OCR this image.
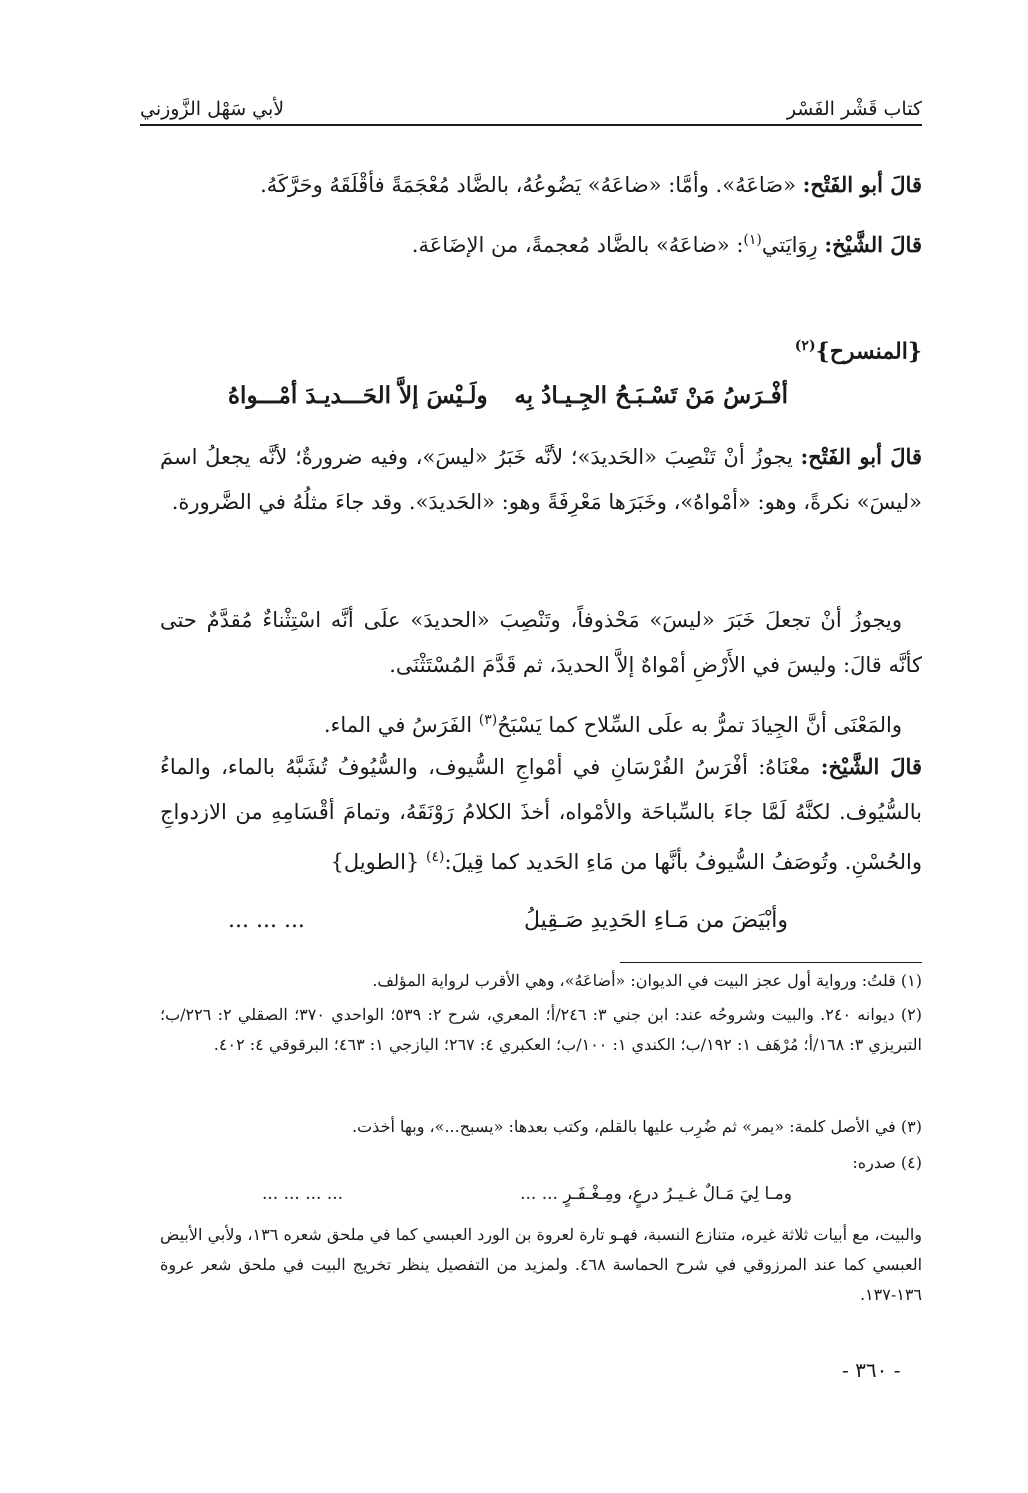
كتاب قَشْر الفَسْر
لأبي سَهْل الزَّوزني
قالَ أبو الفَتْح: «صَاعَهُ». وأمَّا: «ضاعَهُ» يَضُوعُهُ، بالضَّاد مُعْجَمَةً فأقْلَقَهُ وحَرَّكَهُ.
قالَ الشَّيْخ: رِوَايَتي$^{(١)}$: «ضاعَهُ» بالضَّاد مُعجمةً، من الإضَاعَة.
{المنسرح}$^{(٢)}$
أفْـرَسُ مَنْ تَسْـبَـحُ الجِـيـادُ بِه
ولَـيْسَ إلاَّ الحَـــديـدَ أمْـــواهُ
قالَ أبو الفَتْح: يجوزُ أنْ تَنْصِبَ «الحَديدَ»؛ لأنَّه خَبَرُ «ليسَ»، وفيه ضرورةٌ؛ لأنَّه يجعلُ اسمَ «ليسَ» نكرةً، وهو: «أمْواهُ»، وخَبَرَها مَعْرِفَةً وهو: «الحَديدَ». وقد جاءَ مثلُهُ في الضَّرورة.
ويجوزُ أنْ تجعلَ خَبَرَ «ليسَ» مَحْذوفاً، وتَنْصِبَ «الحديدَ» علَى أنَّه اسْتِثْناءٌ مُقدَّمٌ حتى كأنَّه قالَ: وليسَ في الأَرْضِ أمْواهٌ إلاَّ الحديدَ، ثم قَدَّمَ المُسْتَثْنَى.
والمَعْنَى أنَّ الجِيادَ تمرُّ به علَى السِّلاح كما يَسْبَحُ$^{(٣)}$ الفَرَسُ في الماء.
قالَ الشَّيْخ: معْنَاهُ: أفْرَسُ الفُرْسَانِ في أمْواجِ السُّيوف، والسُّيُوفُ تُشَبَّهُ بالماء، والماءُ بالسُّيُوف. لكنَّهُ لَمَّا جاءَ بالسِّباحَة والأمْواه، أخذَ الكلامُ رَوْنَقَهُ، وتمامَ أقْسَامِهِ من الازدواجِ والحُسْنِ. وتُوصَفُ السُّيوفُ بأنَّها من مَاءِ الحَديد كما قِيلَ:$^{(٤)}$ {الطويل}
وأبْيَضَ من مَـاءِ الحَدِيدِ صَـقِيلُ
... ... ...
(١) قلتُ: ورواية أول عجز البيت في الديوان: «أضاعَهُ»، وهي الأقرب لرواية المؤلف.
(٢) ديوانه ٢٤٠. والبيت وشروحُه عند: ابن جني ٣: ٢٤٦/أ؛ المعري، شرح ٢: ٥٣٩؛ الواحدي ٣٧٠؛ الصقلي ٢: ٢٢٦/ب؛ التبريزي ٣: ١٦٨/أ؛ مُرْهَف ١: ١٩٢/ب؛ الكندي ١: ١٠٠/ب؛ العكبري ٤: ٢٦٧؛ اليازجي ١: ٤٦٣؛ البرقوقي ٤: ٤٠٢.
(٣) في الأصل كلمة: «يمر» ثم ضُرِب عليها بالقلم، وكتب بعدها: «يسبح...»، وبها أخذت.
(٤) صدره:
ومـا لِيَ مَـالٌ غـيـرُ درعٍ، ومِـغْـفَـرٍ ... ...
... ... ... ...
والبيت، مع أبيات ثلاثة غيره، متنازع النسبة، فهـو تارة لعروة بن الورد العبسي كما في ملحق شعره ١٣٦، ولأبي الأبيض العبسي كما عند المرزوقي في شرح الحماسة ٤٦٨. ولمزيد من التفصيل ينظر تخريج البيت في ملحق شعر عروة ١٣٦-١٣٧.
- ٣٦٠ -
